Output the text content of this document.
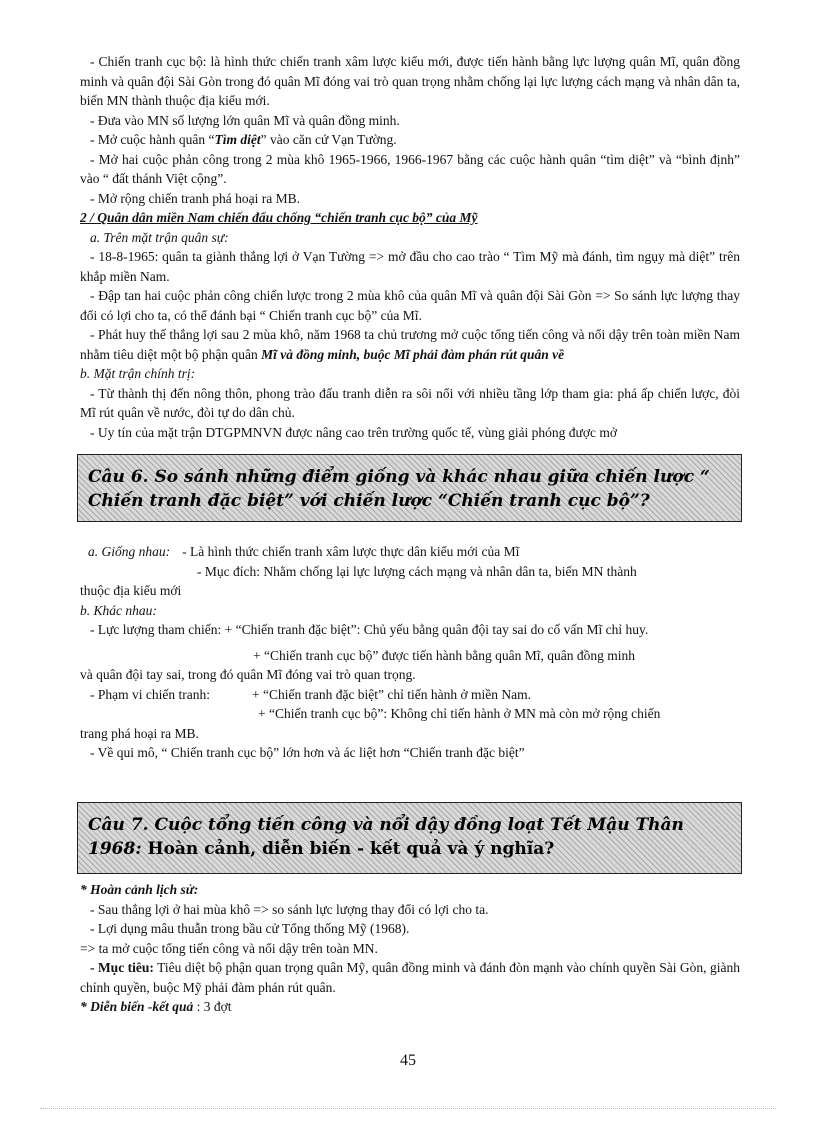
- Chiến tranh cục bộ: là hình thức chiến tranh xâm lược kiểu mới, được tiến hành bằng lực lượng quân Mĩ, quân đồng minh và quân đội Sài Gòn trong đó quân Mĩ đóng vai trò quan trọng nhằm chống lại lực lượng cách mạng và nhân dân ta, biến MN thành thuộc địa kiểu mới.

- Đưa vào MN số lượng lớn quân Mĩ và quân đồng minh.

- Mở cuộc hành quân “Tìm diệt” vào căn cứ Vạn Tường.

- Mở hai cuộc phản công trong 2 mùa khô 1965-1966, 1966-1967 bằng các cuộc hành quân “tìm diệt” và “bình định” vào “ đất thánh Việt cộng”.

- Mở rộng chiến tranh phá hoại ra MB.

2 / Quân dân miền Nam chiến đấu chống “chiến tranh cục bộ” của Mỹ

a. Trên mặt trận quân sự:

- 18-8-1965: quân ta giành thắng lợi ở Vạn Tường => mở đầu cho cao trào “ Tìm Mỹ mà đánh, tìm ngụy mà diệt” trên khắp miền Nam.

- Đập tan hai cuộc phản công chiến lược trong 2 mùa khô của quân Mĩ và quân đội Sài Gòn => So sánh lực lượng thay đổi có lợi cho ta, có thể đánh bại “ Chiến tranh cục bộ” của Mĩ.

- Phát huy thế thắng lợi sau 2 mùa khô, năm 1968 ta chủ trương mở cuộc tổng tiến công và nổi dậy trên toàn miền Nam nhằm tiêu diệt một bộ phận quân Mĩ và đồng minh, buộc Mĩ phải đàm phán rút quân về

b. Mặt trận chính trị:

- Từ thành thị đến nông thôn, phong trào đấu tranh diễn ra sôi nổi với nhiều tầng lớp tham gia: phá ấp chiến lược, đòi Mĩ rút quân về nước, đòi tự do dân chủ.

- Uy tín của mặt trận DTGPMNVN được nâng cao trên trường quốc tế, vùng giải phóng được mở

Câu 6. So sánh những điểm giống và khác nhau giữa chiến lược “ Chiến tranh đặc biệt” với chiến lược “Chiến tranh cục bộ”?

a. Giống nhau: - Là hình thức chiến tranh xâm lược thực dân kiểu mới của Mĩ

- Mục đích: Nhằm chống lại lực lượng cách mạng và nhân dân ta, biến MN thành

thuộc địa kiểu mới

b. Khác nhau:

- Lực lượng tham chiến: + “Chiến tranh đặc biệt”: Chủ yếu bằng quân đội tay sai do cố vấn Mĩ chỉ huy.

+ “Chiến tranh cục bộ” được tiến hành bằng quân Mĩ, quân đồng minh

và quân đội tay sai, trong đó quân Mĩ đóng vai trò quan trọng.

- Phạm vi chiến tranh:	+ “Chiến tranh đặc biệt” chỉ tiến hành ở miền Nam.

+ “Chiến tranh cục bộ”: Không chỉ tiến hành ở MN mà còn mở rộng chiến

trang phá hoại ra MB.

- Về qui mô, “ Chiến tranh cục bộ” lớn hơn và ác liệt hơn “Chiến tranh đặc biệt”

Câu 7. Cuộc tổng tiến công và nổi dậy đồng loạt Tết Mậu Thân 1968: Hoàn cảnh, diễn biến - kết quả và ý nghĩa?

* Hoàn cảnh lịch sử:

- Sau thắng lợi ở hai mùa khô => so sánh lực lượng thay đổi có lợi cho ta.

- Lợi dụng mâu thuẫn trong bầu cử Tổng thống Mỹ (1968).

=> ta mở cuộc tổng tiến công và nổi dậy trên toàn MN.

- Mục tiêu: Tiêu diệt bộ phận quan trọng quân Mỹ, quân đồng minh và đánh đòn mạnh vào chính quyền Sài Gòn, giành chính quyền, buộc Mỹ phải đàm phán rút quân.

* Diễn biến -kết quả : 3 đợt

45
